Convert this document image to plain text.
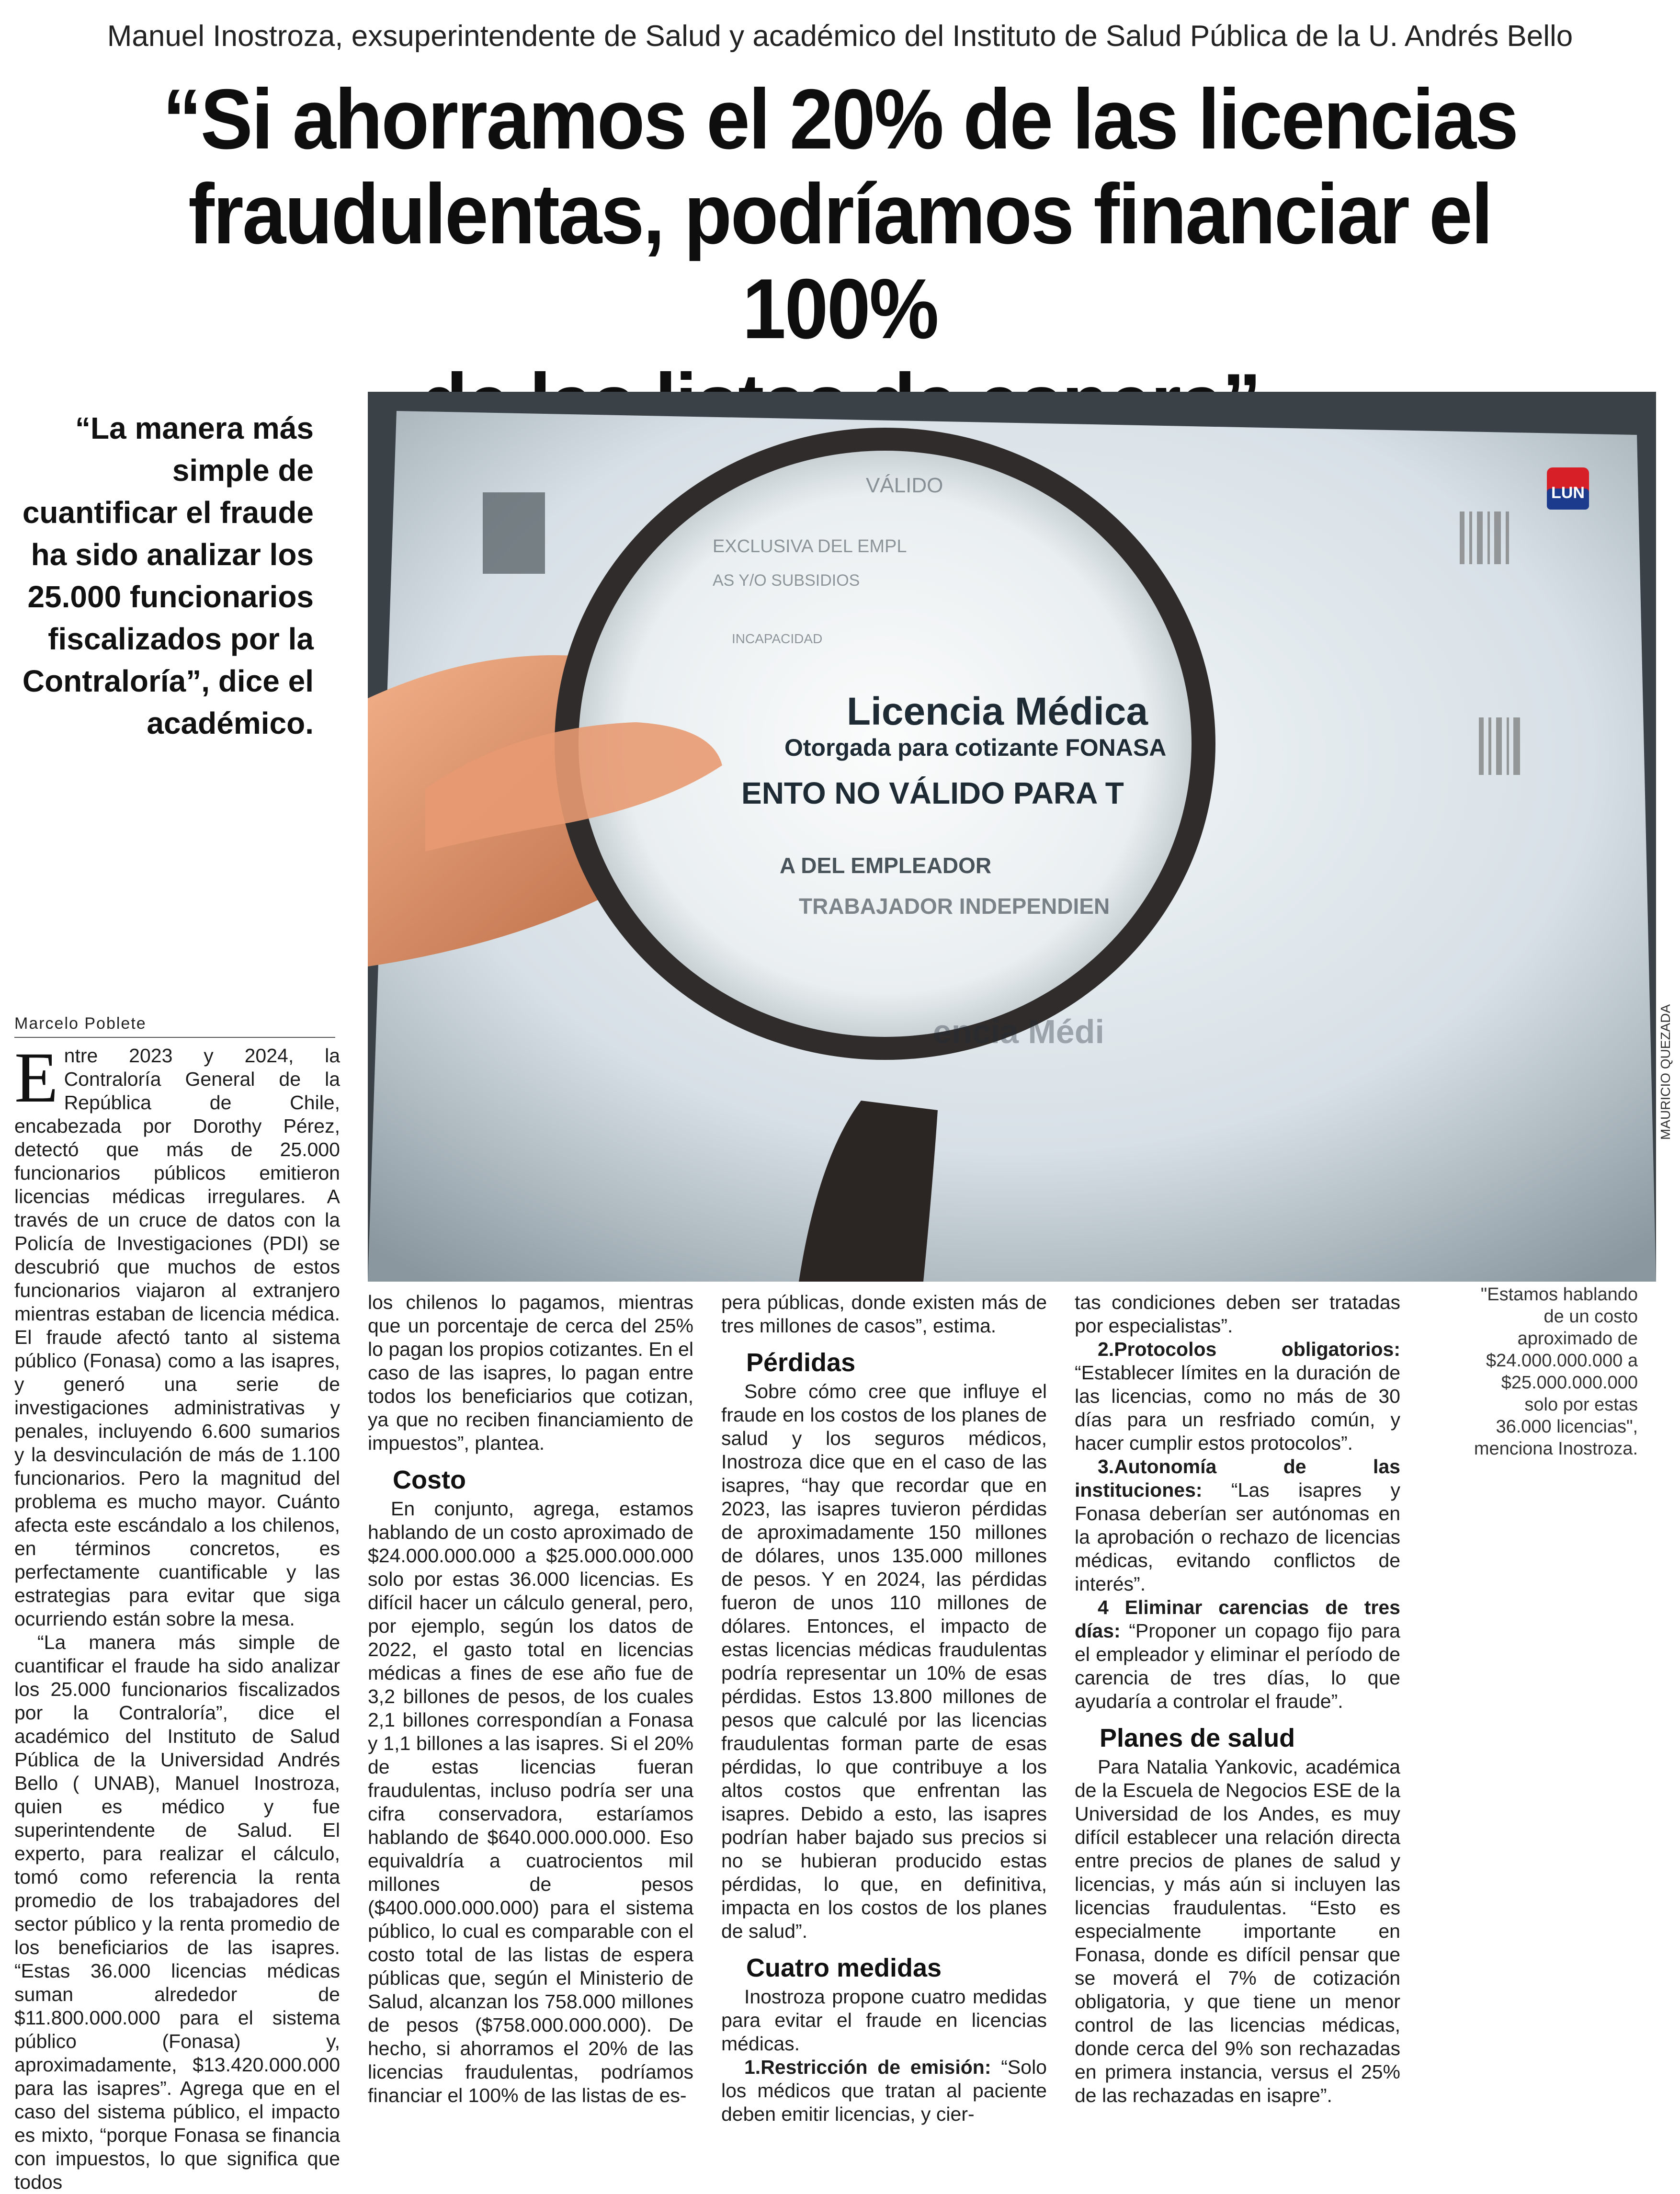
Manuel Inostroza, exsuperintendente de Salud y académico del Instituto de Salud Pública de la U. Andrés Bello
“Si ahorramos el 20% de las licencias
fraudulentas, podríamos financiar el 100%
“La manera más simple de cuantificar el fraude ha sido analizar los 25.000 funcionarios fiscalizados por la Contraloría”, dice el académico.
VÁLIDO
EXCLUSIVA DEL EMPL
AS Y/O SUBSIDIOS
INCAPACIDAD
Licencia Médica
Otorgada para cotizante FONASA
ENTO NO VÁLIDO PARA T
A DEL EMPLEADOR
TRABAJADOR INDEPENDIEN
encia Médi
LUN
MAURICIO QUEZADA
Marcelo Poblete

Entre 2023 y 2024, la Contraloría General de la República de Chile, encabezada por Dorothy Pérez, detectó que más de 25.000 funcionarios públicos emitieron licencias médicas irregulares. A través de un cruce de datos con la Policía de Investigaciones (PDI) se descubrió que muchos de estos funcionarios viajaron al extranjero mientras estaban de licencia médica. El fraude afectó tanto al sistema público (Fonasa) como a las isapres, y generó una serie de investigaciones administrativas y penales, incluyendo 6.600 sumarios y la desvinculación de más de 1.100 funcionarios. Pero la magnitud del problema es mucho mayor. Cuánto afecta este escándalo a los chilenos, en términos concretos, es perfectamente cuantificable y las estrategias para evitar que siga ocurriendo están sobre la mesa.

“La manera más simple de cuantificar el fraude ha sido analizar los 25.000 funcionarios fiscalizados por la Contraloría”, dice el académico del Instituto de Salud Pública de la Universidad Andrés Bello ( UNAB), Manuel Inostroza, quien es médico y fue superintendente de Salud. El experto, para realizar el cálculo, tomó como referencia la renta promedio de los trabajadores del sector público y la renta promedio de los beneficiarios de las isapres. “Estas 36.000 licencias médicas suman alrededor de $11.800.000.000 para el sistema público (Fonasa) y, aproximadamente, $13.420.000.000 para las isapres”. Agrega que en el caso del sistema público, el impacto es mixto, “porque Fonasa se financia con impuestos, lo que significa que todos

los chilenos lo pagamos, mientras que un porcentaje de cerca del 25% lo pagan los propios cotizantes. En el caso de las isapres, lo pagan entre todos los beneficiarios que cotizan, ya que no reciben financiamiento de impuestos”, plantea.

Costo

En conjunto, agrega, estamos hablando de un costo aproximado de $24.000.000.000 a $25.000.000.000 solo por estas 36.000 licencias. Es difícil hacer un cálculo general, pero, por ejemplo, según los datos de 2022, el gasto total en licencias médicas a fines de ese año fue de 3,2 billones de pesos, de los cuales 2,1 billones correspondían a Fonasa y 1,1 billones a las isapres. Si el 20% de estas licencias fueran fraudulentas, incluso podría ser una cifra conservadora, estaríamos hablando de $640.000.000.000. Eso equivaldría a cuatrocientos mil millones de pesos ($400.000.000.000) para el sistema público, lo cual es comparable con el costo total de las listas de espera públicas que, según el Ministerio de Salud, alcanzan los 758.000 millones de pesos ($758.000.000.000). De hecho, si ahorramos el 20% de las licencias fraudulentas, podríamos financiar el 100% de las listas de es-

pera públicas, donde existen más de tres millones de casos”, estima.

Pérdidas

Sobre cómo cree que influye el fraude en los costos de los planes de salud y los seguros médicos, Inostroza dice que en el caso de las isapres, “hay que recordar que en 2023, las isapres tuvieron pérdidas de aproximadamente 150 millones de dólares, unos 135.000 millones de pesos. Y en 2024, las pérdidas fueron de unos 110 millones de dólares. Entonces, el impacto de estas licencias médicas fraudulentas podría representar un 10% de esas pérdidas. Estos 13.800 millones de pesos que calculé por las licencias fraudulentas forman parte de esas pérdidas, lo que contribuye a los altos costos que enfrentan las isapres. Debido a esto, las isapres podrían haber bajado sus precios si no se hubieran producido estas pérdidas, lo que, en definitiva, impacta en los costos de los planes de salud”.

Cuatro medidas

Inostroza propone cuatro medidas para evitar el fraude en licencias médicas.

1.Restricción de emisión: “Solo los médicos que tratan al paciente deben emitir licencias, y cier-

tas condiciones deben ser tratadas por especialistas”.

2.Protocolos obligatorios: “Establecer límites en la duración de las licencias, como no más de 30 días para un resfriado común, y hacer cumplir estos protocolos”.

3.Autonomía de las instituciones: “Las isapres y Fonasa deberían ser autónomas en la aprobación o rechazo de licencias médicas, evitando conflictos de interés”.

4 Eliminar carencias de tres días: “Proponer un copago fijo para el empleador y eliminar el período de carencia de tres días, lo que ayudaría a controlar el fraude”.

Planes de salud

Para Natalia Yankovic, académica de la Escuela de Negocios ESE de la Universidad de los Andes, es muy difícil establecer una relación directa entre precios de planes de salud y licencias, y más aún si incluyen las licencias fraudulentas. “Esto es especialmente importante en Fonasa, donde es difícil pensar que se moverá el 7% de cotización obligatoria, y que tiene un menor control de las licencias médicas, donde cerca del 9% son rechazadas en primera instancia, versus el 25% de las rechazadas en isapre”.

"Estamos hablando de un costo aproximado de $24.000.000.000 a $25.000.000.000 solo por estas 36.000 licencias", menciona Inostroza.
